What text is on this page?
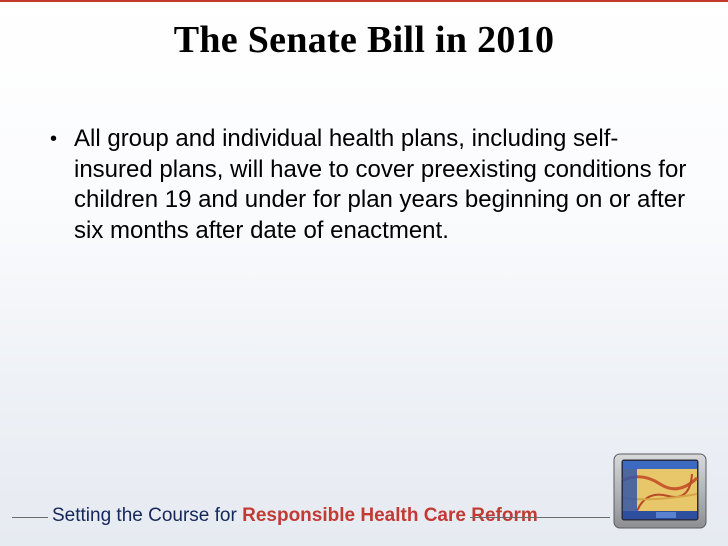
The Senate Bill in 2010
• All group and individual health plans, including self-insured plans, will have to cover preexisting conditions for children 19 and under for plan years beginning on or after six months after date of enactment.
Setting the Course for Responsible Health Care Reform
